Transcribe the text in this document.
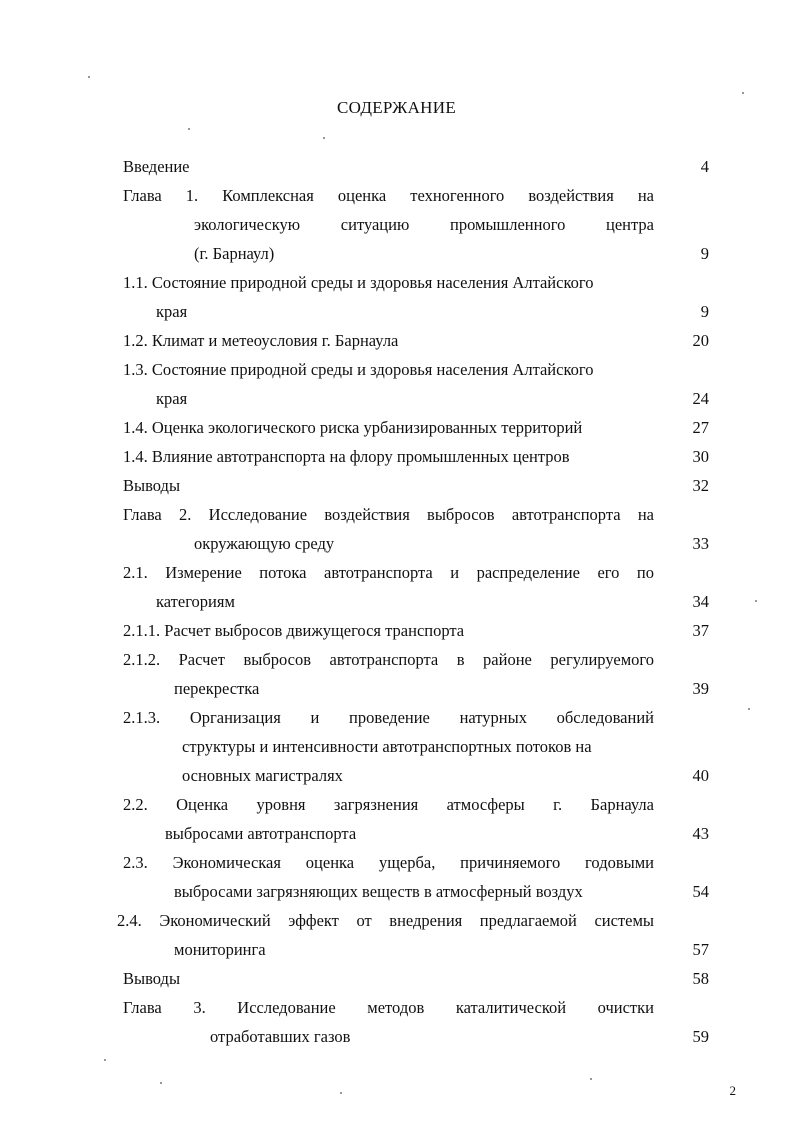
СОДЕРЖАНИЕ
Введение	4
Глава 1. Комплексная оценка техногенного воздействия на
экологическую ситуацию промышленного центра
(г. Барнаул)	9
1.1. Состояние природной среды и здоровья населения Алтайского
края	9
1.2. Климат и метеоусловия г. Барнаула	20
1.3. Состояние природной среды и здоровья населения Алтайского
края	24
1.4. Оценка экологического риска урбанизированных территорий	27
1.4. Влияние автотранспорта на флору промышленных центров	30
Выводы	32
Глава 2. Исследование воздействия выбросов автотранспорта на
окружающую среду	33
2.1. Измерение потока автотранспорта и распределение его по
категориям	34
2.1.1. Расчет выбросов движущегося транспорта	37
2.1.2. Расчет выбросов автотранспорта в районе регулируемого
перекрестка	39
2.1.3. Организация и проведение натурных обследований
структуры и интенсивности автотранспортных потоков на
основных магистралях	40
2.2. Оценка уровня загрязнения атмосферы г. Барнаула
выбросами автотранспорта	43
2.3. Экономическая оценка ущерба, причиняемого годовыми
выбросами загрязняющих веществ в атмосферный воздух	54
2.4. Экономический эффект от внедрения предлагаемой системы
мониторинга	57
Выводы	58
Глава 3. Исследование методов каталитической очистки
отработавших газов	59
2
